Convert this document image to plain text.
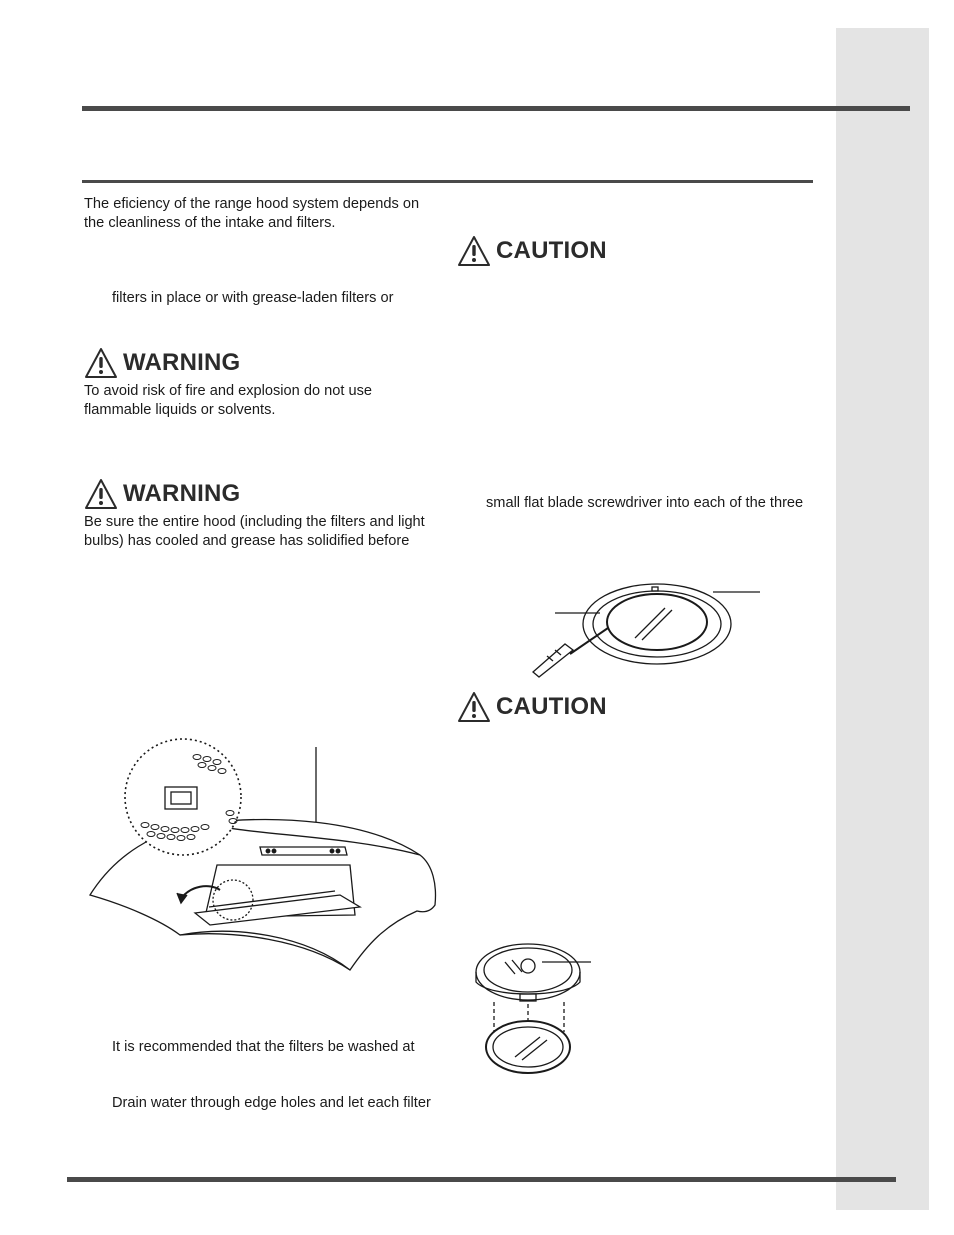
The eficiency of the range hood system depends on
the cleanliness of the intake and filters.
filters in place or with grease-laden filters or
WARNING
To avoid risk of fire and explosion do not use
flammable liquids or solvents.
WARNING
Be sure the entire hood (including the filters and light
bulbs) has cooled and grease has solidified before
It is recommended that the filters be washed at
Drain water through edge holes and let each filter
CAUTION
small flat blade screwdriver into each of the three
CAUTION
